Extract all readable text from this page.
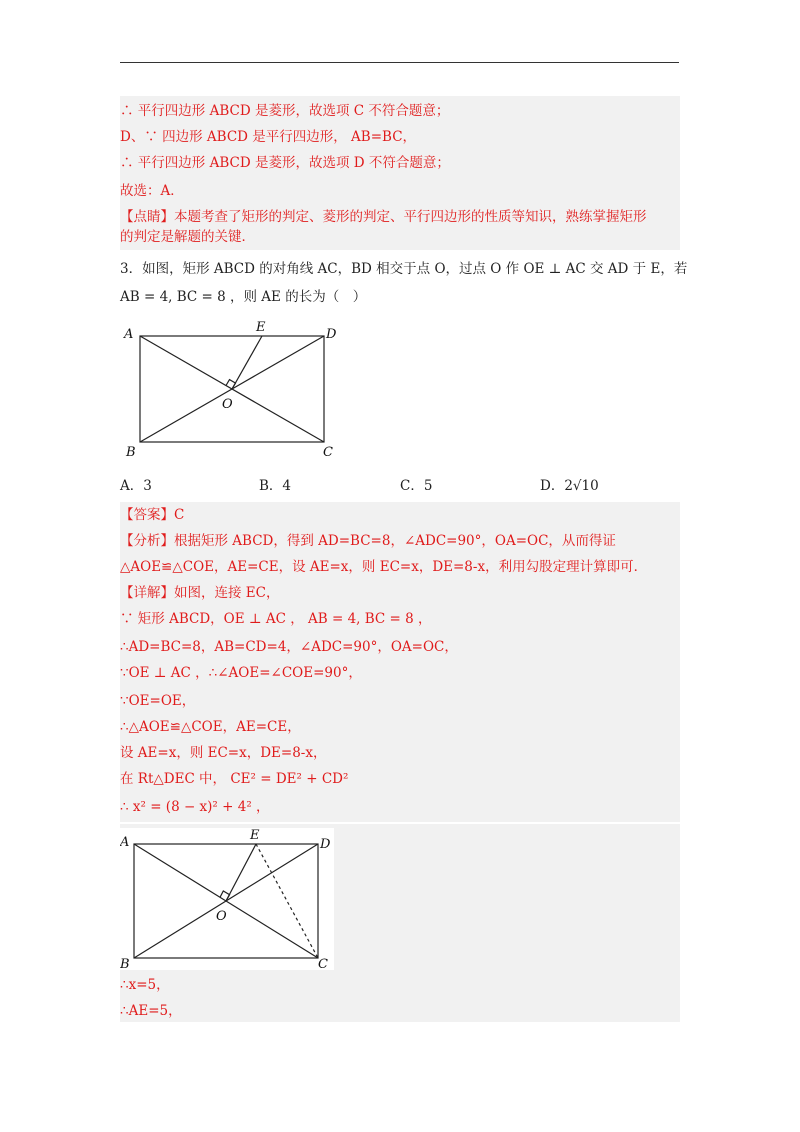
∴ 平行四边形 ABCD 是菱形，故选项 C 不符合题意；
D、∵ 四边形 ABCD 是平行四边形， AB=BC，
∴ 平行四边形 ABCD 是菱形，故选项 D 不符合题意；
故选：A．
【点睛】本题考查了矩形的判定、菱形的判定、平行四边形的性质等知识，熟练掌握矩形
的判定是解题的关键．
3．如图，矩形 ABCD 的对角线 AC，BD 相交于点 O，过点 O 作 OE ⊥ AC 交 AD 于 E，若
AB = 4, BC = 8 ，则 AE 的长为（　）
A
B	C
D
E
O
A．3	B．4	C．5	D．2√10
【答案】C
【分析】根据矩形 ABCD，得到 AD=BC=8，∠ADC=90°，OA=OC，从而得证
△AOE≌△COE，AE=CE，设 AE=x，则 EC=x，DE=8-x，利用勾股定理计算即可．
【详解】如图，连接 EC，
∵ 矩形 ABCD，OE ⊥ AC ， AB = 4, BC = 8 ，
∴AD=BC=8，AB=CD=4，∠ADC=90°，OA=OC，
∵OE ⊥ AC ，∴∠AOE=∠COE=90°，
∵OE=OE，
∴△AOE≌△COE，AE=CE，
设 AE=x，则 EC=x，DE=8-x，
在 Rt△DEC 中， CE² = DE² + CD²
∴ x² = (8 − x)² + 4² ，
A
B	C
D
E
O
∴x=5，
∴AE=5，
